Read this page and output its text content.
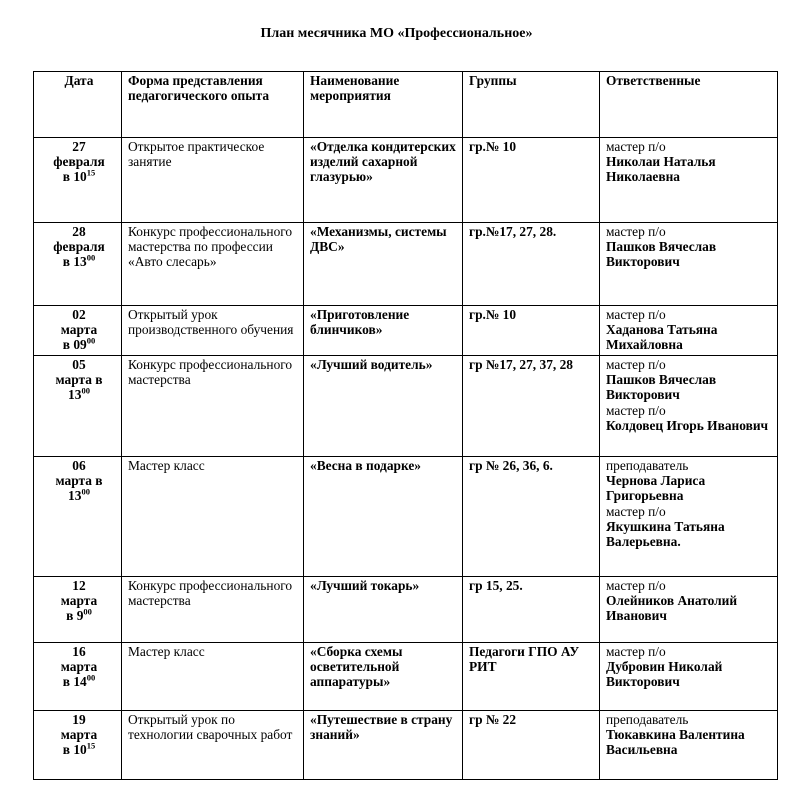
План месячника МО «Профессиональное»
Дата	Форма представления педагогического опыта	Наименование мероприятия	Группы	Ответственные

27
февраля
в $10^{15}$	Открытое практическое занятие	«Отделка кондитерских изделий сахарной глазурью»	гр.№ 10	мастер п/о
Николаи Наталья Николаевна

28
февраля
в $13^{00}$	Конкурс профессионального мастерства по профессии «Авто слесарь»	«Механизмы, системы ДВС»	гр.№17, 27, 28.	мастер п/о
Пашков Вячеслав Викторович

02
марта
в $09^{00}$	Открытый урок производственного обучения	«Приготовление блинчиков»	гр.№ 10	мастер п/о
Хаданова Татьяна Михайловна

05
марта в
$13^{00}$	Конкурс профессионального мастерства	«Лучший водитель»	гр №17, 27, 37, 28	мастер п/о
Пашков Вячеслав Викторович
мастер п/о
Колдовец Игорь Иванович

06
марта в
$13^{00}$	Мастер класс	«Весна в подарке»	гр № 26, 36, 6.	преподаватель
Чернова Лариса Григорьевна
мастер п/о
Якушкина Татьяна Валерьевна.

12
марта
в $9^{00}$	Конкурс профессионального мастерства	«Лучший токарь»	гр 15, 25.	мастер п/о
Олейников Анатолий Иванович

16
марта
в $14^{00}$	Мастер класс	«Сборка схемы осветительной аппаратуры»	Педагоги ГПО АУ РИТ	мастер п/о
Дубровин Николай Викторович

19
марта
в $10^{15}$	Открытый урок по технологии сварочных работ	«Путешествие в страну знаний»	гр № 22	преподаватель
Тюкавкина Валентина Васильевна
